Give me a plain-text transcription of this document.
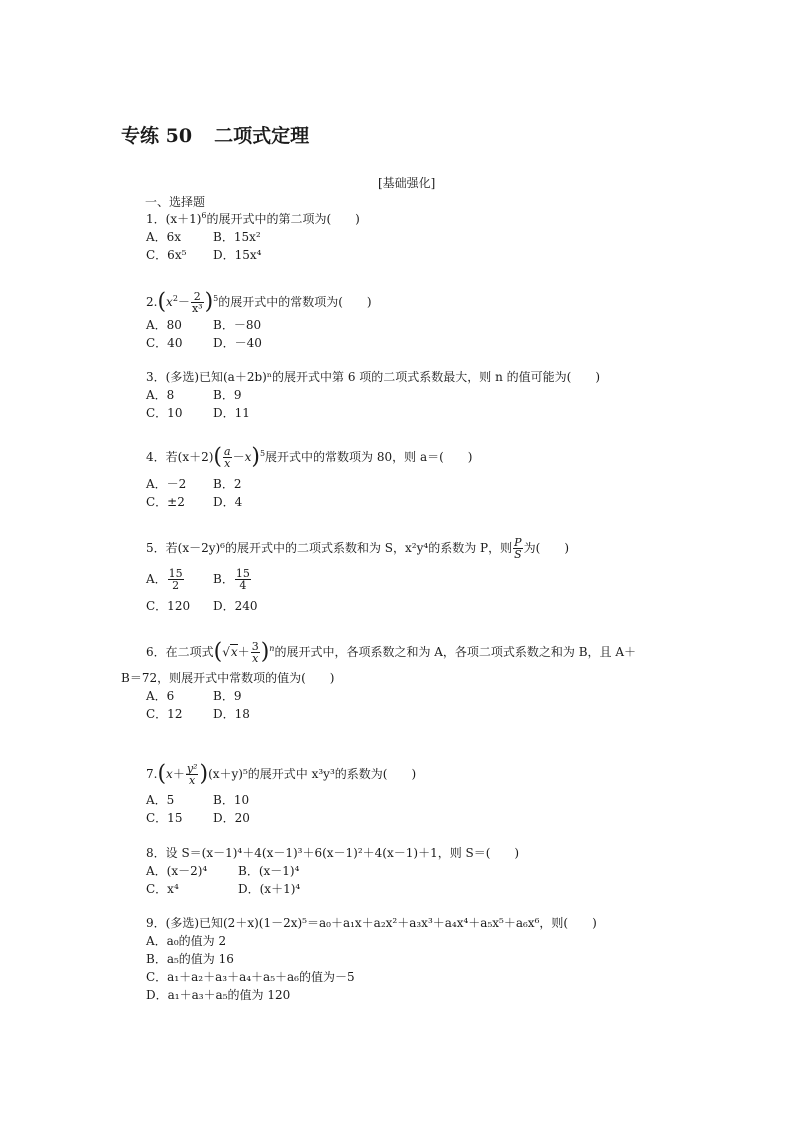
专练 50 二项式定理
[基础强化]
一、选择题
1．$(x+1)^6$的展开式中的第二项为(　　)
A．6x	B．15x²
C．6x⁵ D．15x⁴
$2.(x^2- \frac{2}{\text{x³}} )^5$的展开式中的常数项为(　　)
A．80	B．－80
C．40	D．－40
3．(多选)已知(a＋2b)ⁿ的展开式中第 6 项的二项式系数最大，则 n 的值可能为(　　)
A．8	B．9
C．10	D．11
4．若$(x+2)( \frac{a}{x} -x)^5$展开式中的常数项为 80，则 a＝(　　)
A．－2 B．2
C．±2 D．4
5．若(x－2y)⁶的展开式中的二项式系数和为 S，x²y⁴的系数为 P，则 $\frac{P}{S}$ 为(　　)
A． $\frac{15}{2}$ B． $\frac{15}{4}$
C．120 D．240
6．在二项式$(√x+ \frac{3}{x} )^n$的展开式中，各项系数之和为 A，各项二项式系数之和为 B，且 A＋
B＝72，则展开式中常数项的值为(　　)
A．6	B．9
C．12	D．18
$7.(x+ \frac{\text{y²}}{x} )(x+y)^5$的展开式中 x³y³的系数为(　　)
A．5	B．10
C．15	D．20
8．设 S＝(x－1)⁴＋4(x－1)³＋6(x－1)²＋4(x－1)＋1，则 S＝(　　)
A．(x－2)⁴	B．(x－1)⁴
C．x⁴	D．(x＋1)⁴
9．(多选)已知(2＋x)(1－2x)⁵＝a₀＋a₁x＋a₂x²＋a₃x³＋a₄x⁴＋a₅x⁵＋a₆x⁶，则(　　)
A．a₀的值为 2
B．a₅的值为 16
C．a₁＋a₂＋a₃＋a₄＋a₅＋a₆的值为－5
D．a₁＋a₃＋a₅的值为 120
